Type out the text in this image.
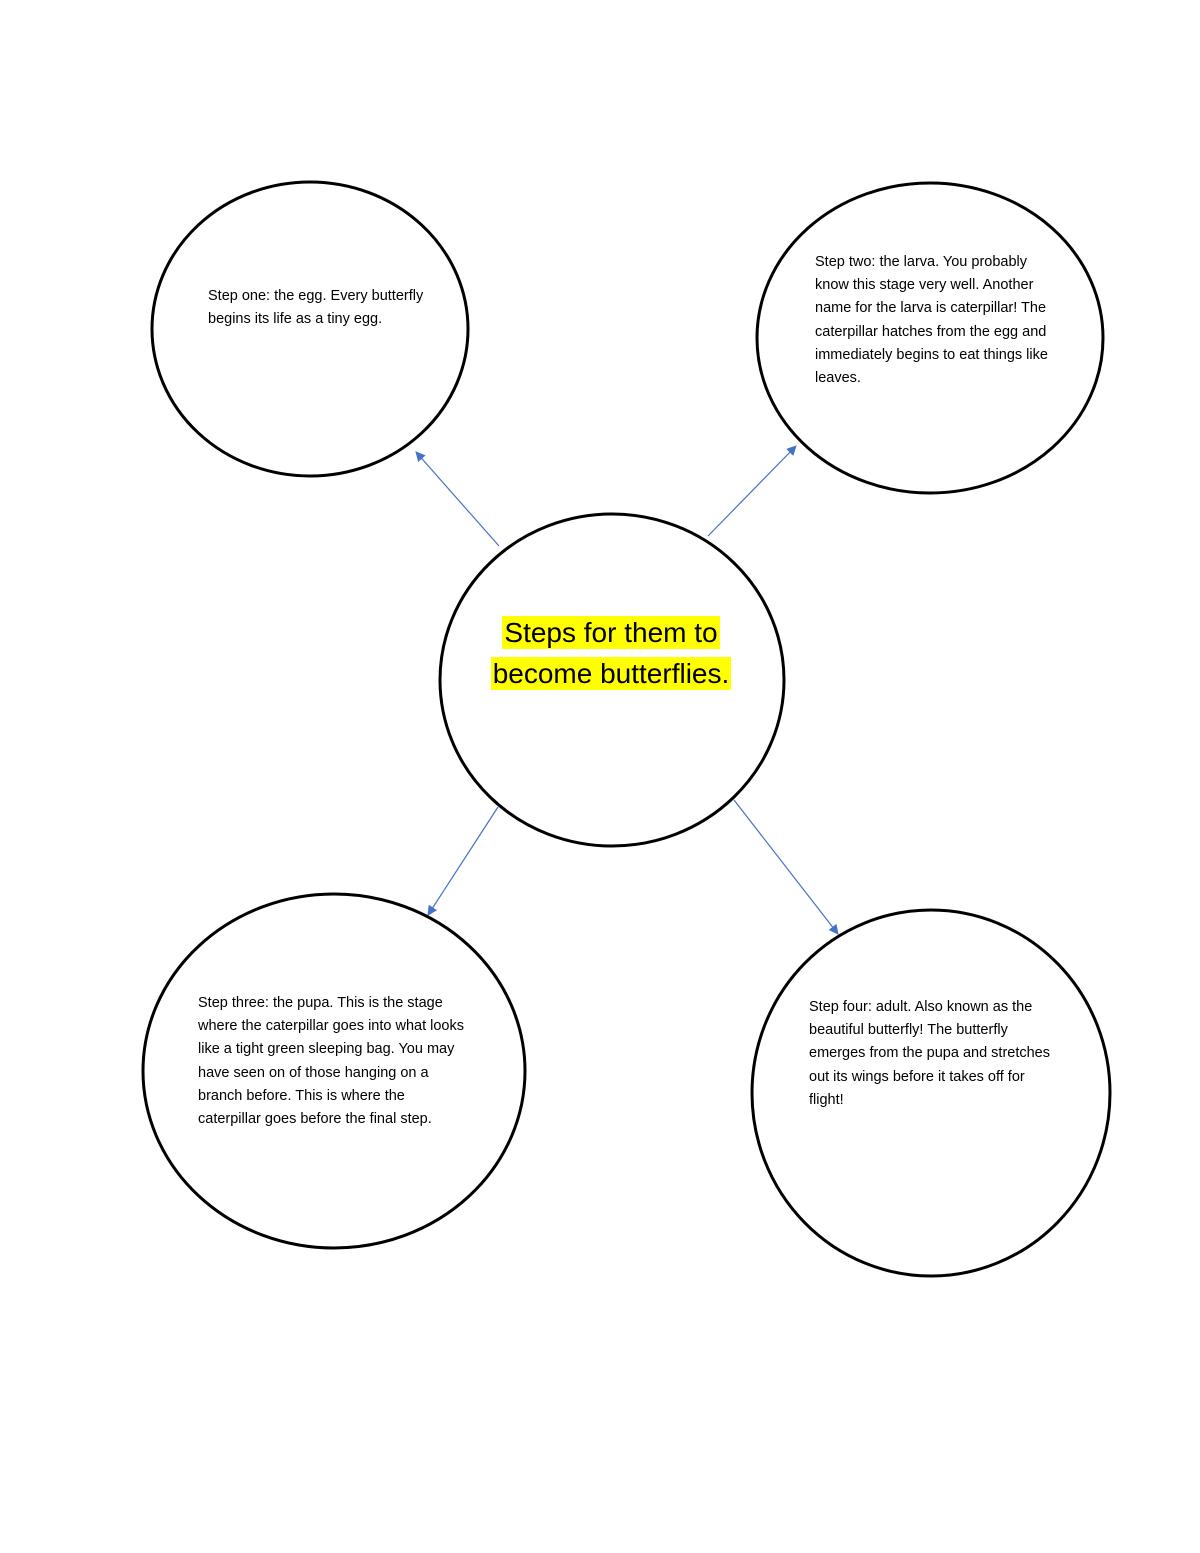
Steps for them to become butterflies.
Step one: the egg. Every butterfly begins its life as a tiny egg.
Step two: the larva. You probably know this stage very well. Another name for the larva is caterpillar! The caterpillar hatches from the egg and immediately begins to eat things like leaves.
Step three: the pupa. This is the stage where the caterpillar goes into what looks like a tight green sleeping bag. You may have seen on of those hanging on a branch before. This is where the caterpillar goes before the final step.
Step four: adult. Also known as the beautiful butterfly! The butterfly emerges from the pupa and stretches out its wings before it takes off for flight!
